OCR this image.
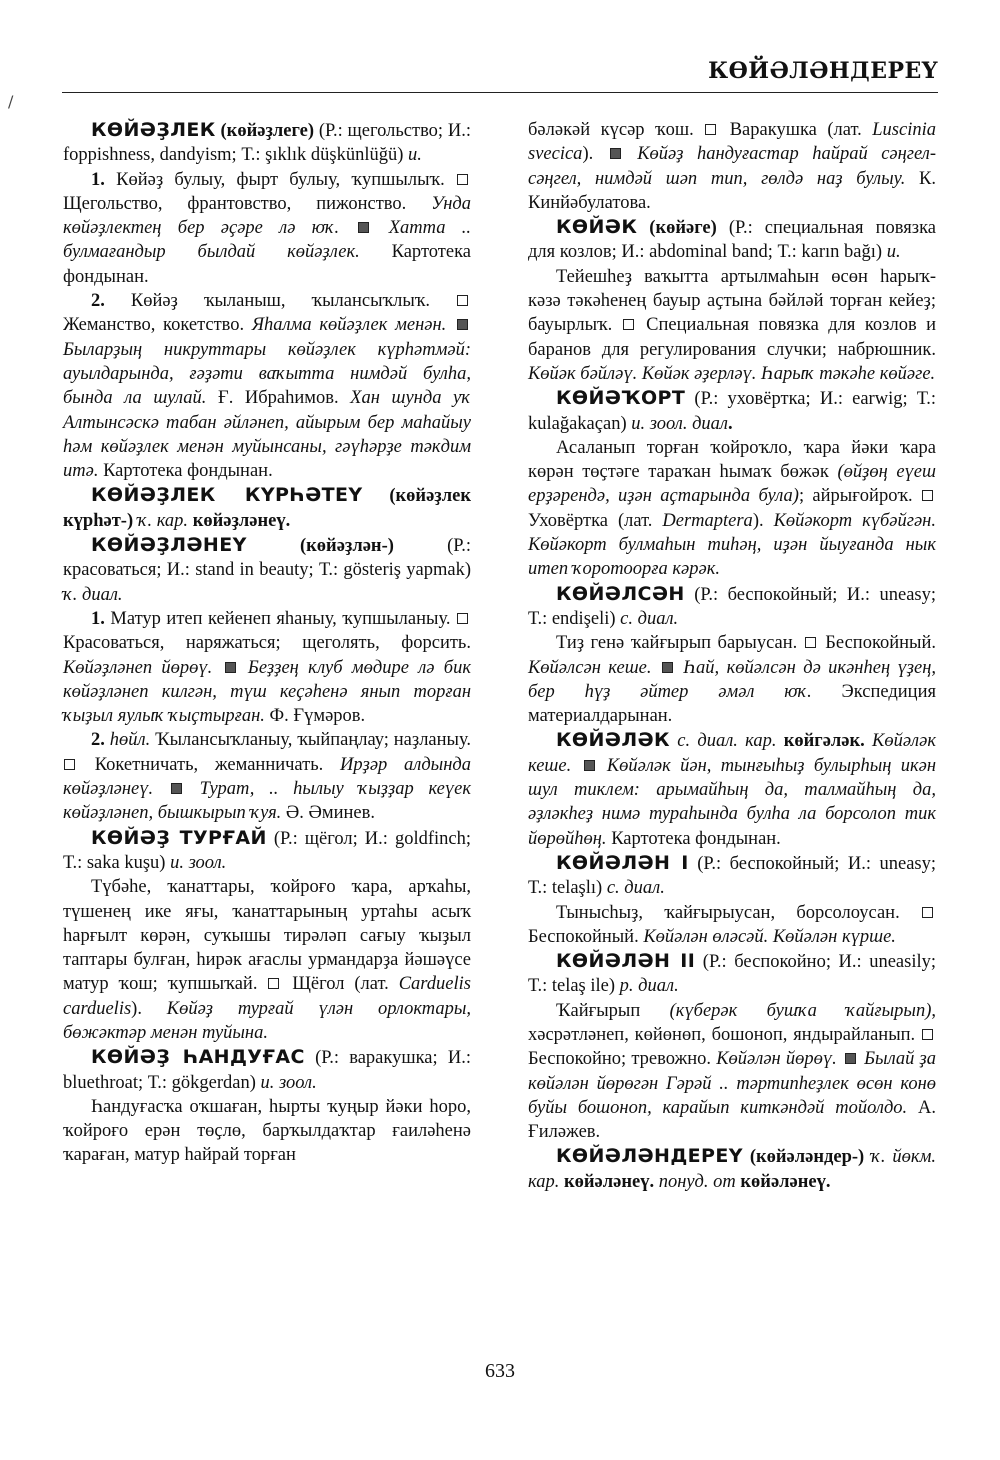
КӨЙӘЛӘНДЕРЕҮ
/

КӨЙӘҘЛЕК (көйәҙлеге) (Р.: щегольство; И.: foppishness, dandyism; Т.: şıklık düşkünlüğü) и.

1. Көйәҙ булыу, фырт булыу, ҡупшылыҡ.  Щегольство, франтовство, пижонство. Унда көйәҙлектең бер әҫәре лә юҡ.  Хатта .. булмағандыр былдай көйәҙлек. Картотека фондынан.

2. Көйәҙ ҡыланыш, ҡылансыҡлыҡ.  Жеманство, кокетство. Яһалма көйәҙлек менән.  Быларҙың никруттары көйәҙлек күрһәтмәй: ауылдарында, ғәҙәти ваҡытта нимдәй булһа, бында ла шулай. Ғ. Ибраһимов. Хан шунда уҡ Алтынсәскә табан әйләнеп, айырым бер маһайыу һәм көйәҙлек менән муйынсаны, гәүһәрҙе тәкдим итә. Картотека фондынан.

КӨЙӘҘЛЕК КҮРҺӘТЕҮ (көйәҙлек күрһәт-) ҡ. кар. көйәҙләнеү.

КӨЙӘҘЛӘНЕҮ (көйәҙлән-) (Р.: красоваться; И.: stand in beauty; Т.: gösteriş yapmak) ҡ. диал.

1. Матур итеп кейенеп яһаныу, ҡупшыланыу.  Красоваться, наряжаться; щеголять, форсить. Көйәҙләнеп йөрөү.  Беҙҙең клуб мөдире лә бик көйәҙләнеп килгән, түш кеҫәһенә янып торған ҡыҙыл яулыҡ ҡыҫтырған. Ф. Ғүмәров.

2. һөйл. Ҡылансыҡланыу, ҡыйпаңлау; наҙланыу.  Кокетничать, жеманничать. Ирҙәр алдында көйәҙләнеү.  Турат, .. һылыу ҡыҙҙар кеүек көйәҙләнеп, бышкырып ҡуя. Ә. Әминев.

КӨЙӘҘ ТУРҒАЙ (Р.: щёгол; И.: goldfinch; Т.: saka kuşu) и. зоол.

Түбәһе, ҡанаттары, ҡойроғо ҡара, арҡаһы, түшенең ике яғы, ҡанаттарының уртаһы асыҡ һарғылт көрән, суҡышы тирәләп сағыу ҡыҙыл таптары булған, һирәк ағаслы урмандарҙа йәшәүсе матур ҡош; ҡупшыҡай.  Щёгол (лат. Carduelis carduelis). Көйәҙ турғай үлән орлоктары, бөжәктәр менән туйына.

КӨЙӘҘ ҺАНДУҒАС (Р.: варакушка; И.: bluethroat; Т.: gökgerdan) и. зоол.

Һандуғасҡа оҡшаған, һырты ҡуңыр йәки һоро, ҡойроғо ерән төҫлө, барҡылдаҡтар ғаиләһенә ҡараған, матур һайрай торған

бәләкәй күсәр ҡош.  Варакушка (лат. Luscinia svecica).  Көйәҙ һандуғастар һайрай сәңгел-сәңгел, нимдәй шәп тип, гөлдә наҙ булыу. К. Кинйәбулатова.

КӨЙӘК (көйәге) (Р.: специальная повязка для козлов; И.: abdominal band; Т.: karın bağı) и.

Тейешһеҙ ваҡытта артылмаһын өсөн һарыҡ-кәзә тәкәһенең бауыр аҫтына бәйләй торған кейеҙ; бауырлыҡ.  Специальная повязка для козлов и баранов для регулирования случки; набрюшник. Көйәк бәйләү. Көйәк әҙерләү. Һарыҡ тәкәһе көйәге.

КӨЙӘҠОРТ (Р.: уховёртка; И.: earwig; Т.: kulağakaçan) и. зоол. диал.

Асаланып торған ҡойроҡло, ҡара йәки ҡара көрән төҫтәге тараҡан һымаҡ бөжәк (өйҙөң еүеш ерҙәрендә, иҙән аҫтарында була); айрығойроҡ.  Уховёртка (лат. Dermaptera). Көйәкорт күбәйгән. Көйәкорт булмаһын тиһәң, иҙән йыуғанда нык итеп ҡоротоорға кәрәк.

КӨЙӘЛСӘН (Р.: беспокойный; И.: uneasy; Т.: endişeli) с. диал.

Тиҙ генә ҡайғырып барыусан.  Беспокойный. Көйәлсән кеше.  Һай, көйәлсән дә икәнһең үҙең, бер һүҙ әйтер әмәл юҡ. Экспедиция материалдарынан.

КӨЙӘЛӘК с. диал. кар. көйгәләк. Көйәләк кеше.  Көйәләк йән, тынғыһыҙ булырһың икән шул тиклем: арымайһың да, талмайһың да, әҙләкһеҙ нимә тураһында булһа ла борсолоп тик йөрөйһөң. Картотека фондынан.

КӨЙӘЛӘН I (Р.: беспокойный; И.: uneasy; Т.: telaşlı) с. диал.

Тынысһыҙ, ҡайғырыусан, борсолоусан.  Беспокойный. Көйәлән өләсәй. Көйәлән күрше.

КӨЙӘЛӘН II (Р.: беспокойно; И.: uneasily; Т.: telaş ile) р. диал.

Ҡайғырып (күберәк бушҡа ҡайғырып), хәсрәтләнеп, көйөнөп, бошоноп, яндырайланып.  Беспокойно; тревожно. Көйәлән йөрөү.  Былай ҙа көйәлән йөрөгән Гәрәй .. тәртипһеҙлек өсөн конө буйы бошоноп, карайып киткәндәй тойолдо. А. Ғиләжев.

КӨЙӘЛӘНДЕРЕҮ (көйәләндер-) ҡ. йөкм. кар. көйәләнеү. понуд. от көйәләнеү.

633
